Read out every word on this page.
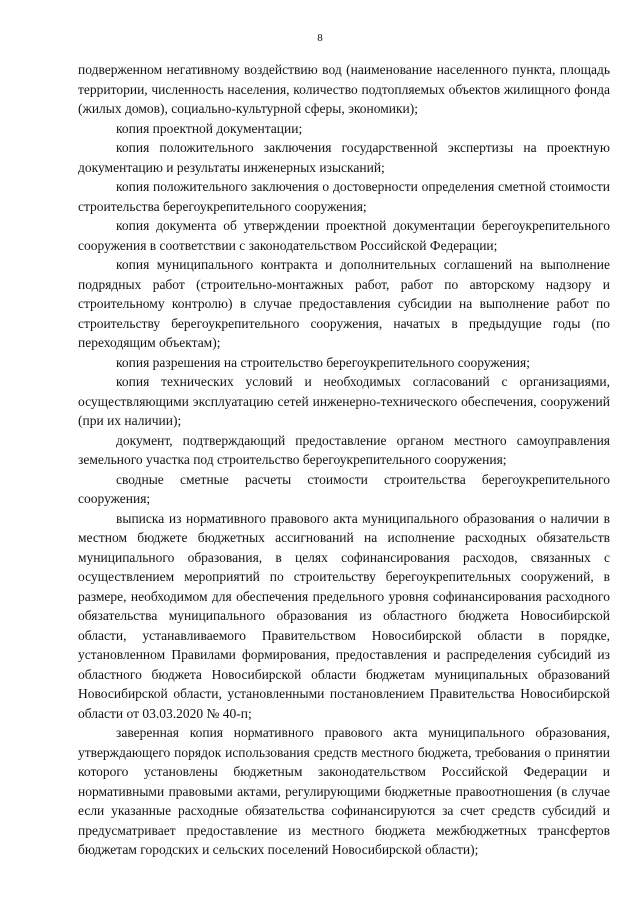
8

подверженном негативному воздействию вод (наименование населенного пункта, площадь территории, численность населения, количество подтопляемых объектов жилищного фонда (жилых домов), социально-культурной сферы, экономики);

копия проектной документации;

копия положительного заключения государственной экспертизы на проектную документацию и результаты инженерных изысканий;

копия положительного заключения о достоверности определения сметной стоимости строительства берегоукрепительного сооружения;

копия документа об утверждении проектной документации берегоукрепительного сооружения в соответствии с законодательством Российской Федерации;

копия муниципального контракта и дополнительных соглашений на выполнение подрядных работ (строительно-монтажных работ, работ по авторскому надзору и строительному контролю) в случае предоставления субсидии на выполнение работ по строительству берегоукрепительного сооружения, начатых в предыдущие годы (по переходящим объектам);

копия разрешения на строительство берегоукрепительного сооружения;

копия технических условий и необходимых согласований с организациями, осуществляющими эксплуатацию сетей инженерно-технического обеспечения, сооружений (при их наличии);

документ, подтверждающий предоставление органом местного самоуправления земельного участка под строительство берегоукрепительного сооружения;

сводные сметные расчеты стоимости строительства берегоукрепительного сооружения;

выписка из нормативного правового акта муниципального образования о наличии в местном бюджете бюджетных ассигнований на исполнение расходных обязательств муниципального образования, в целях софинансирования расходов, связанных с осуществлением мероприятий по строительству берегоукрепительных сооружений, в размере, необходимом для обеспечения предельного уровня софинансирования расходного обязательства муниципального образования из областного бюджета Новосибирской области, устанавливаемого Правительством Новосибирской области в порядке, установленном Правилами формирования, предоставления и распределения субсидий из областного бюджета Новосибирской области бюджетам муниципальных образований Новосибирской области, установленными постановлением Правительства Новосибирской области от 03.03.2020 № 40-п;

заверенная копия нормативного правового акта муниципального образования, утверждающего порядок использования средств местного бюджета, требования о принятии которого установлены бюджетным законодательством Российской Федерации и нормативными правовыми актами, регулирующими бюджетные правоотношения (в случае если указанные расходные обязательства софинансируются за счет средств субсидий и предусматривает предоставление из местного бюджета межбюджетных трансфертов бюджетам городских и сельских поселений Новосибирской области);
